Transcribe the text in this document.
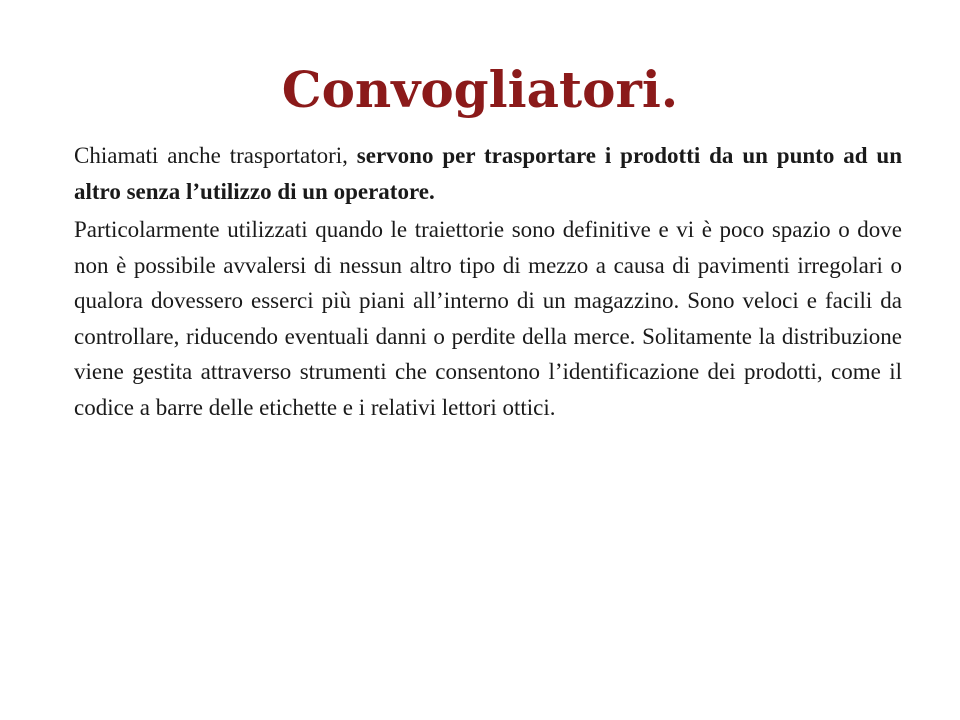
Convogliatori.

Chiamati anche trasportatori, servono per trasportare i prodotti da un punto ad un altro senza l’utilizzo di un operatore.

Particolarmente utilizzati quando le traiettorie sono definitive e vi è poco spazio o dove non è possibile avvalersi di nessun altro tipo di mezzo a causa di pavimenti irregolari o qualora dovessero esserci più piani all’interno di un magazzino. Sono veloci e facili da controllare, riducendo eventuali danni o perdite della merce. Solitamente la distribuzione viene gestita attraverso strumenti che consentono l’identificazione dei prodotti, come il codice a barre delle etichette e i relativi lettori ottici.
